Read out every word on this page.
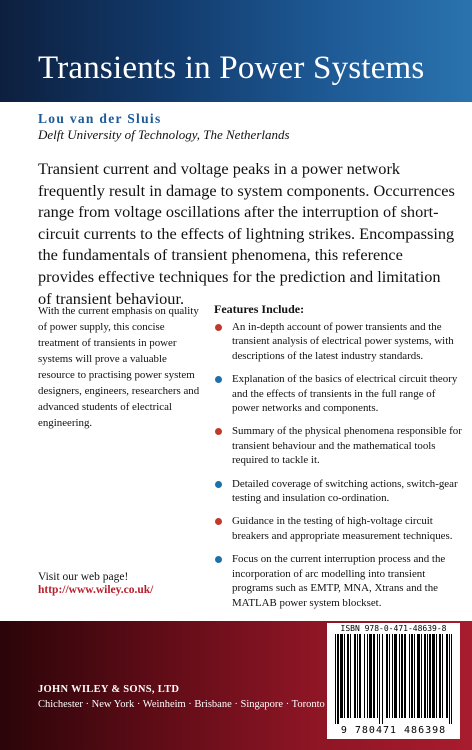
Transients in Power Systems
Lou van der Sluis
Delft University of Technology, The Netherlands

Transient current and voltage peaks in a power network frequently result in damage to system components. Occurrences range from voltage oscillations after the interruption of short-circuit currents to the effects of lightning strikes. Encompassing the fundamentals of transient phenomena, this reference provides effective techniques for the prediction and limitation of transient behaviour.

With the current emphasis on quality of power supply, this concise treatment of transients in power systems will prove a valuable resource to practising power system designers, engineers, researchers and advanced students of electrical engineering.

Features Include:
An in-depth account of power transients and the transient analysis of electrical power systems, with descriptions of the latest industry standards.
Explanation of the basics of electrical circuit theory and the effects of transients in the full range of power networks and components.
Summary of the physical phenomena responsible for transient behaviour and the mathematical tools required to tackle it.
Detailed coverage of switching actions, switch-gear testing and insulation co-ordination.
Guidance in the testing of high-voltage circuit breakers and appropriate measurement techniques.
Focus on the current interruption process and the incorporation of arc modelling into transient programs such as EMTP, MNA, Xtrans and the MATLAB power system blockset.
Visit our web page!
http://www.wiley.co.uk/
JOHN WILEY & SONS, LTD
Chichester · New York · Weinheim · Brisbane · Singapore · Toronto
ISBN 978-0-471-48639-8
9 780471 486398
